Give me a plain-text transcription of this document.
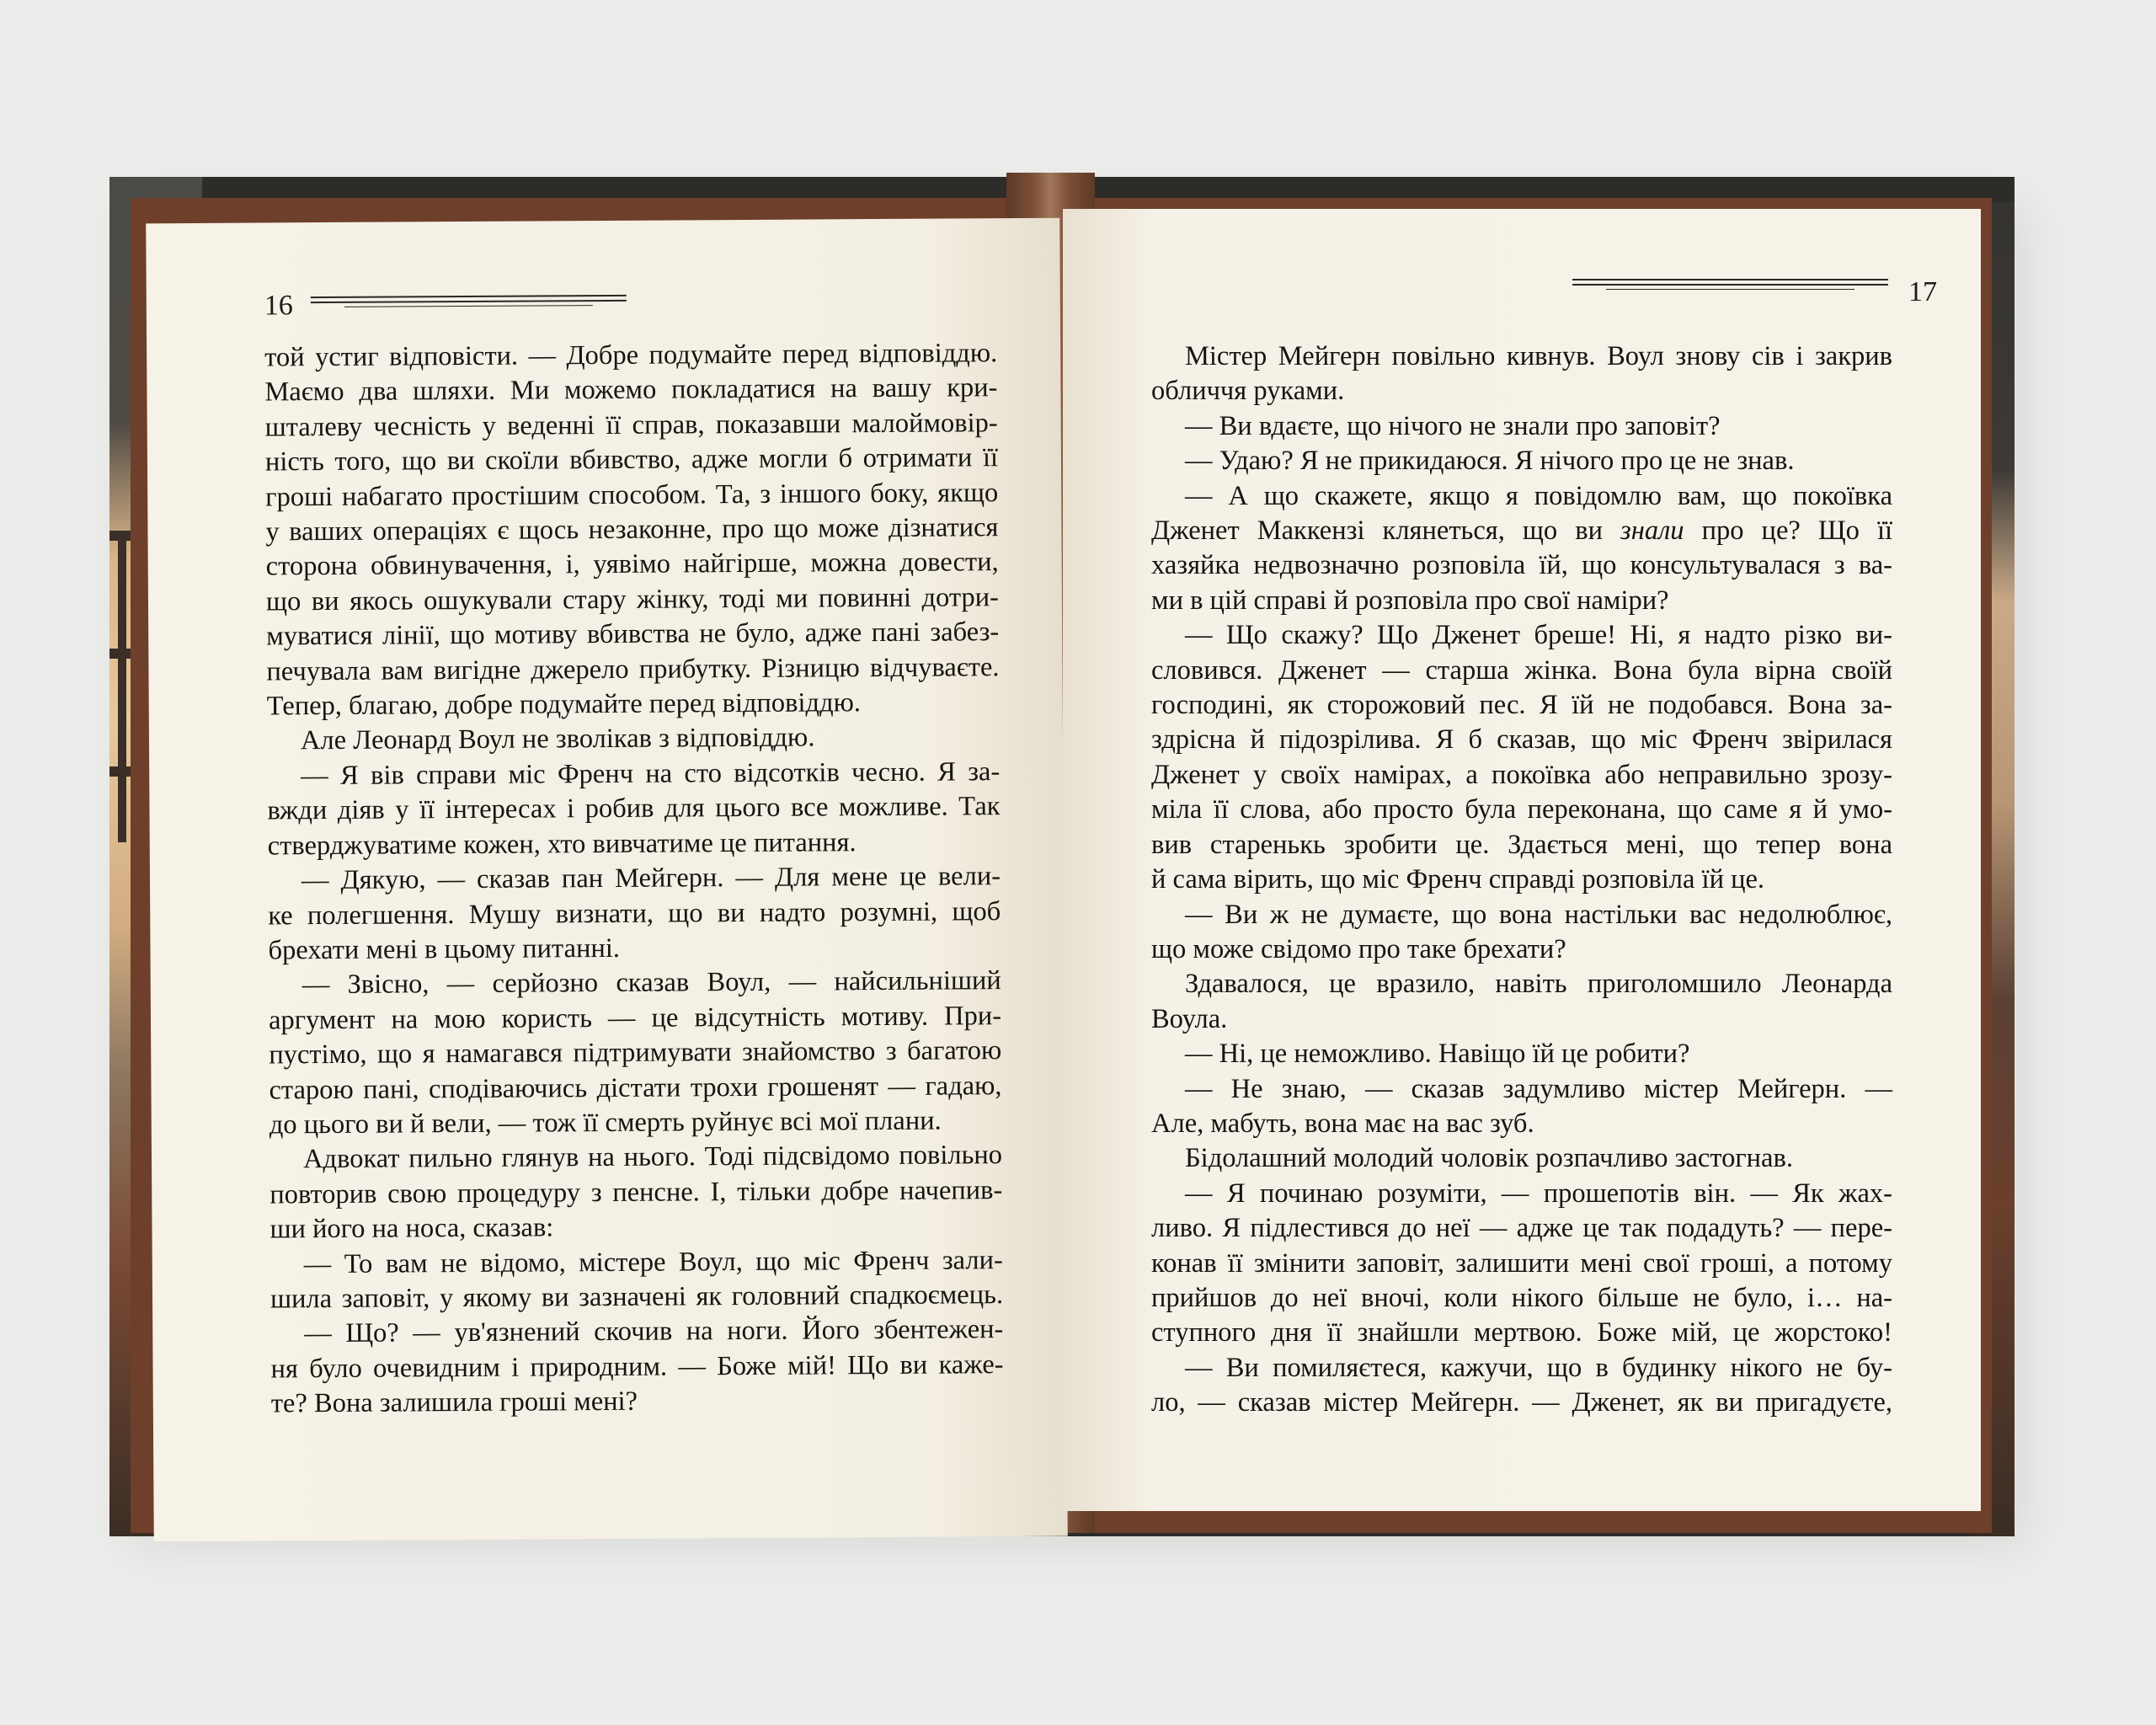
16
той устиг відповісти. — Добре подумайте перед відповіддю.
Маємо два шляхи. Ми можемо покладатися на вашу кри-
шталеву чесність у веденні її справ, показавши малоймовір-
ність того, що ви скоїли вбивство, адже могли б отримати її
гроші набагато простішим способом. Та, з іншого боку, якщо
у ваших операціях є щось незаконне, про що може дізнатися
сторона обвинувачення, і, уявімо найгірше, можна довести,
що ви якось ошукували стару жінку, тоді ми повинні дотри-
муватися лінії, що мотиву вбивства не було, адже пані забез-
печувала вам вигідне джерело прибутку. Різницю відчуваєте.
Тепер, благаю, добре подумайте перед відповіддю.
Але Леонард Воул не зволікав з відповіддю.
— Я вів справи міс Френч на сто відсотків чесно. Я за-
вжди діяв у її інтересах і робив для цього все можливе. Так
стверджуватиме кожен, хто вивчатиме це питання.
— Дякую, — сказав пан Мейгерн. — Для мене це вели-
ке полегшення. Мушу визнати, що ви надто розумні, щоб
брехати мені в цьому питанні.
— Звісно, — серйозно сказав Воул, — найсильніший
аргумент на мою користь — це відсутність мотиву. При-
пустімо, що я намагався підтримувати знайомство з багатою
старою пані, сподіваючись дістати трохи грошенят — гадаю,
до цього ви й вели, — тож її смерть руйнує всі мої плани.
Адвокат пильно глянув на нього. Тоді підсвідомо повільно
повторив свою процедуру з пенсне. І, тільки добре начепив-
ши його на носа, сказав:
— То вам не відомо, містере Воул, що міс Френч зали-
шила заповіт, у якому ви зазначені як головний спадкоємець.
— Що? — ув'язнений скочив на ноги. Його збентежен-
ня було очевидним і природним. — Боже мій! Що ви каже-
те? Вона залишила гроші мені?
17
Містер Мейгерн повільно кивнув. Воул знову сів і закрив
обличчя руками.
— Ви вдаєте, що нічого не знали про заповіт?
— Удаю? Я не прикидаюся. Я нічого про це не знав.
— А що скажете, якщо я повідомлю вам, що покоївка
Дженет Маккензі клянеться, що ви знали про це? Що її
хазяйка недвозначно розповіла їй, що консультувалася з ва-
ми в цій справі й розповіла про свої наміри?
— Що скажу? Що Дженет бреше! Ні, я надто різко ви-
словився. Дженет — старша жінка. Вона була вірна своїй
господині, як сторожовий пес. Я їй не подобався. Вона за-
здрісна й підозрілива. Я б сказав, що міс Френч звірилася
Дженет у своїх намірах, а покоївка або неправильно зрозу-
міла її слова, або просто була переконана, що саме я й умо-
вив старенькь зробити це. Здається мені, що тепер вона
й сама вірить, що міс Френч справді розповіла їй це.
— Ви ж не думаєте, що вона настільки вас недолюблює,
що може свідомо про таке брехати?
Здавалося, це вразило, навіть приголомшило Леонарда
Воула.
— Ні, це неможливо. Навіщо їй це робити?
— Не знаю, — сказав задумливо містер Мейгерн. —
Але, мабуть, вона має на вас зуб.
Бідолашний молодий чоловік розпачливо застогнав.
— Я починаю розуміти, — прошепотів він. — Як жах-
ливо. Я підлестився до неї — адже це так подадуть? — пере-
конав її змінити заповіт, залишити мені свої гроші, а потому
прийшов до неї вночі, коли нікого більше не було, і… на-
ступного дня її знайшли мертвою. Боже мій, це жорстоко!
— Ви помиляєтеся, кажучи, що в будинку нікого не бу-
ло, — сказав містер Мейгерн. — Дженет, як ви пригадуєте,
